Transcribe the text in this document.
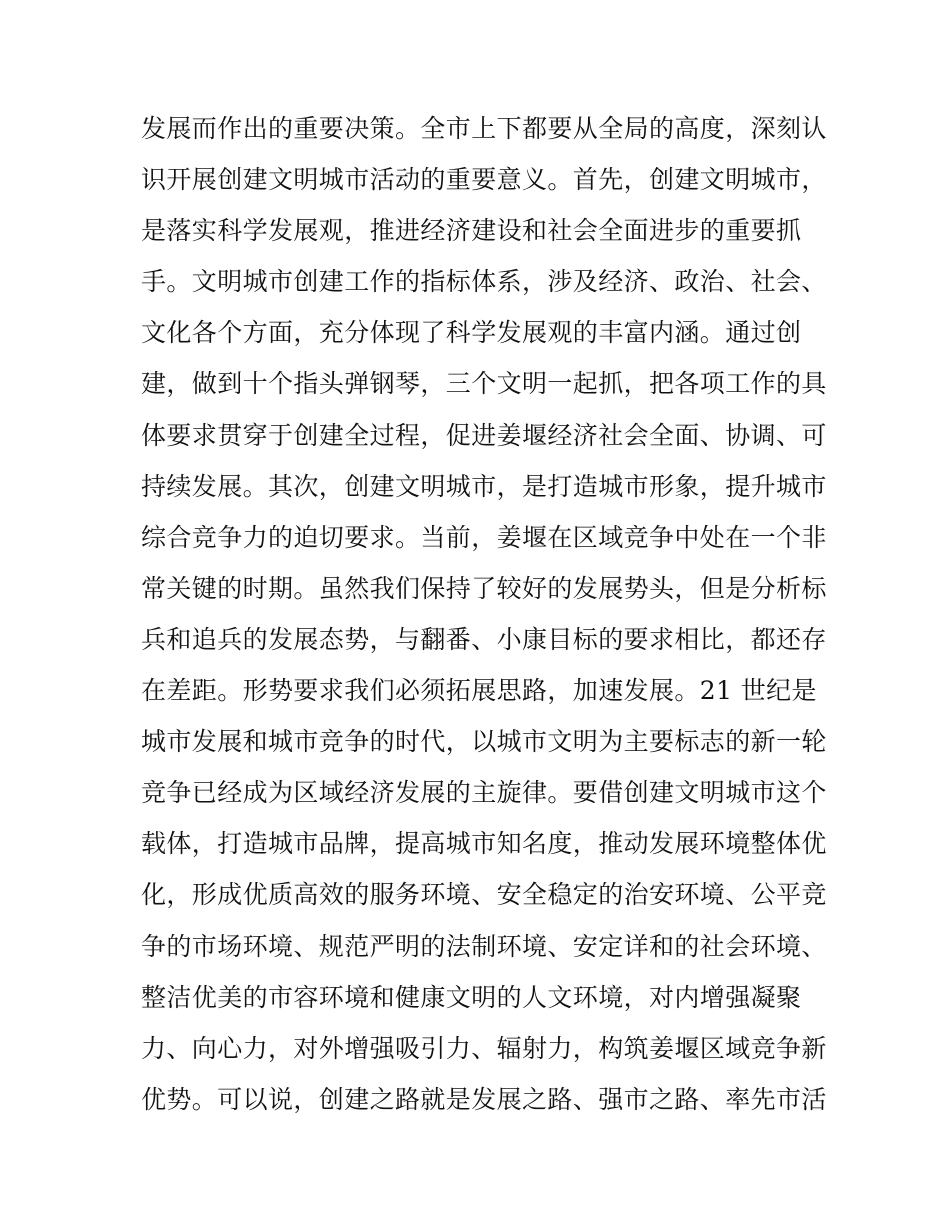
发展而作出的重要决策。全市上下都要从全局的高度，深刻认
识开展创建文明城市活动的重要意义。首先，创建文明城市，
是落实科学发展观，推进经济建设和社会全面进步的重要抓
手。文明城市创建工作的指标体系，涉及经济、政治、社会、
文化各个方面，充分体现了科学发展观的丰富内涵。通过创
建，做到十个指头弹钢琴，三个文明一起抓，把各项工作的具
体要求贯穿于创建全过程，促进姜堰经济社会全面、协调、可
持续发展。其次，创建文明城市，是打造城市形象，提升城市
综合竞争力的迫切要求。当前，姜堰在区域竞争中处在一个非
常关键的时期。虽然我们保持了较好的发展势头，但是分析标
兵和追兵的发展态势，与翻番、小康目标的要求相比，都还存
在差距。形势要求我们必须拓展思路，加速发展。21 世纪是
城市发展和城市竞争的时代，以城市文明为主要标志的新一轮
竞争已经成为区域经济发展的主旋律。要借创建文明城市这个
载体，打造城市品牌，提高城市知名度，推动发展环境整体优
化，形成优质高效的服务环境、安全稳定的治安环境、公平竞
争的市场环境、规范严明的法制环境、安定详和的社会环境、
整洁优美的市容环境和健康文明的人文环境，对内增强凝聚
力、向心力，对外增强吸引力、辐射力，构筑姜堰区域竞争新
优势。可以说，创建之路就是发展之路、强市之路、率先市活
